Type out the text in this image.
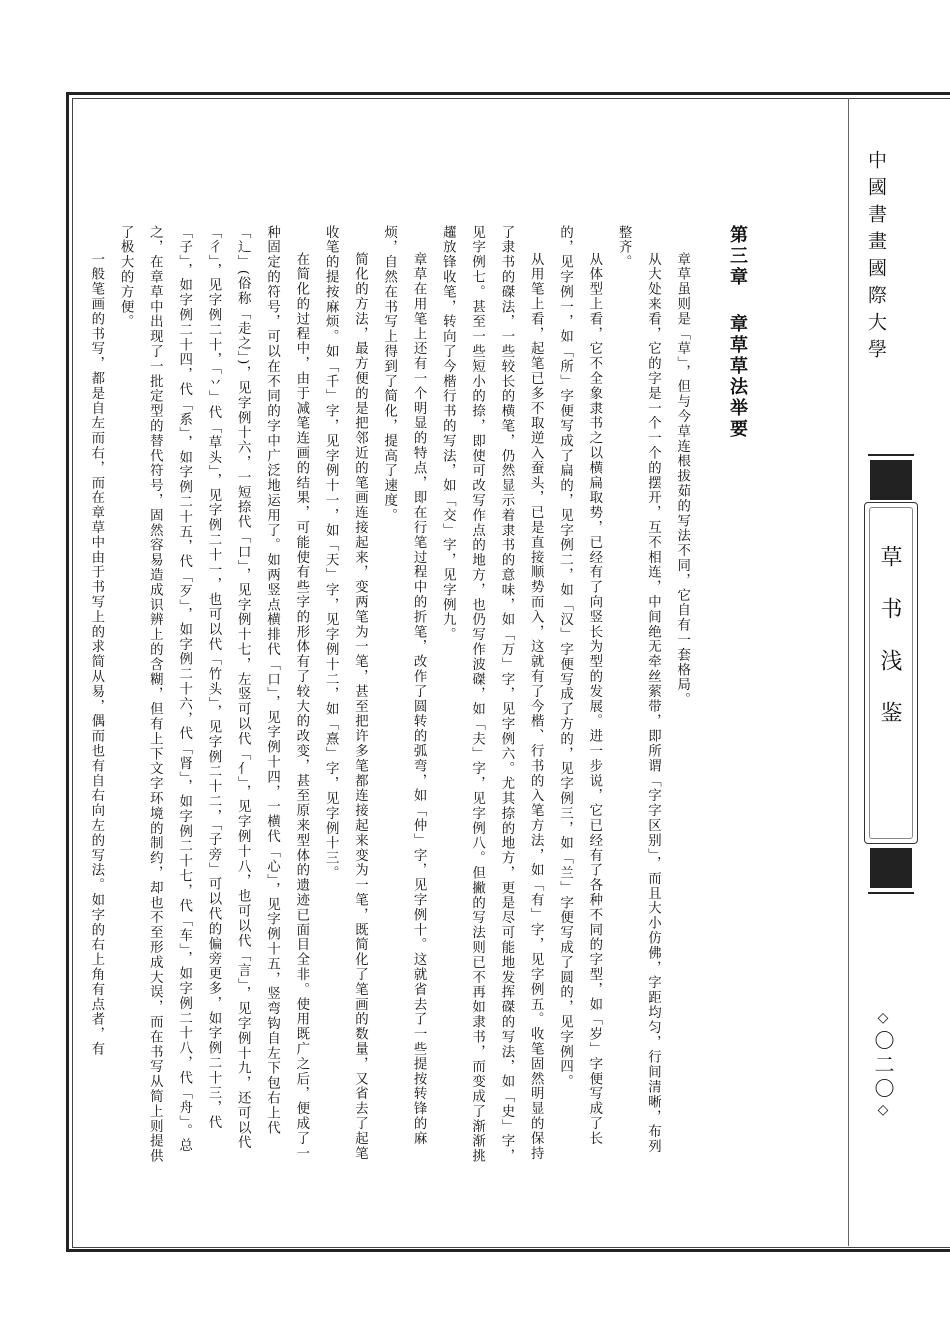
第三章章草草法举要

章草虽则是「草」，但与今草连根拔茹的写法不同，它自有一套格局。

从大处来看，它的字是一个一个的摆开，互不相连，中间绝无牵丝萦带，即所谓「字字区别」，而且大小仿佛，字距均匀，行间清晰，布列整齐。

从体型上看，它不全象隶书之以横扁取势，已经有了向竖长为型的发展。进一步说，它已经有了各种不同的字型，如「岁」字便写成了长的，见字例一，如「所」字便写成了扁的，见字例二，如「汉」字便写成了方的，见字例三，如「兰」字便写成了圆的，见字例四。

从用笔上看，起笔已多不取逆入蚕头，已是直接顺势而入，这就有了今楷、行书的入笔方法，如「有」字，见字例五。收笔固然明显的保持了隶书的磔法，一些较长的横笔，仍然显示着隶书的意味，如「万」字，见字例六。尤其捺的地方，更是尽可能地发挥磔的写法，如「史」字，见字例七。甚至一些短小的捺，即使可改写作点的地方，也仍写作波磔，如「夫」字，见字例八。但撇的写法则已不再如隶书，而变成了渐渐挑趯放锋收笔，转向了今楷行书的写法，如「交」字，见字例九。

章草在用笔上还有一个明显的特点，即在行笔过程中的折笔，改作了圆转的弧弯，如「仲」字，见字例十。这就省去了一些提按转锋的麻烦，自然在书写上得到了简化，提高了速度。

简化的方法，最方便的是把邻近的笔画连接起来，变两笔为一笔，甚至把许多笔都连接起来变为一笔，既简化了笔画的数量，又省去了起笔收笔的提按麻烦。如「千」字，见字例十一，如「天」字，见字例十二，如「熹」字，见字例十三。

在简化的过程中，由于减笔连画的结果，可能使有些字的形体有了较大的改变，甚至原来型体的遗迹已面目全非。使用既广之后，便成了一种固定的符号，可以在不同的字中广泛地运用了。如两竖点横排代「口」，见字例十四，一横代「心」，见字例十五，竖弯钩自左下包右上代「辶」(俗称「走之」)，见字例十六，一短捺代「口」，见字例十七，左竖可以代「亻」，见字例十八，也可以代「言」，见字例十九，还可以代「彳」，见字例二十，「丷」代「草头」，见字例二十一，也可以代「竹头」，见字例二十二，「子旁」可以代的偏旁更多，如字例二十三，代「子」，如字例二十四，代「系」，如字例二十五，代「歹」，如字例二十六，代「肾」，如字例二十七，代「车」，如字例二十八，代「舟」。总之，在章草中出现了一批定型的替代符号，固然容易造成识辨上的含糊，但有上下文字环境的制约，却也不至形成大误，而在书写从简上则提供了极大的方便。

一般笔画的书写，都是自左而右，而在章草中由于书写上的求简从易，偶而也有自右向左的写法。如字的右上角有点者，有	中國書畫國際大學
草书浅鉴
◇〇二〇◇
